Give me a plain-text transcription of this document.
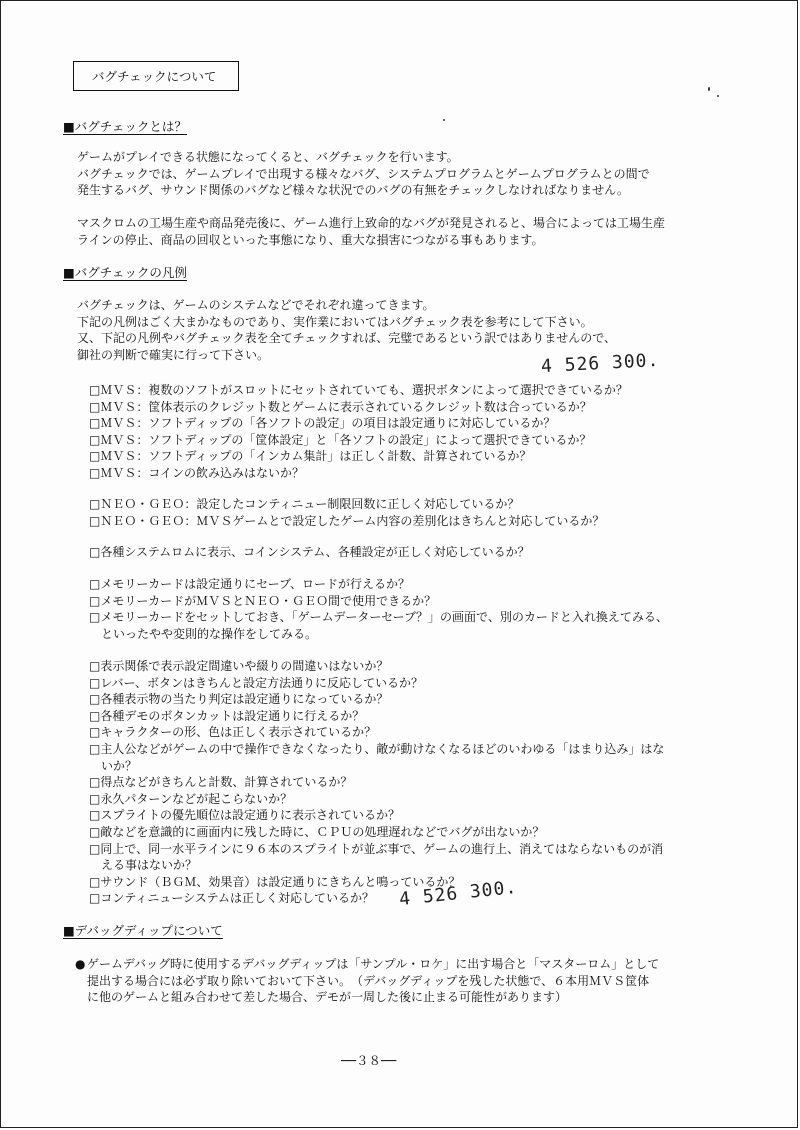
バグチェックについて
■バグチェックとは？
ゲームがプレイできる状態になってくると、バグチェックを行います。
バグチェックでは、ゲームプレイで出現する様々なバグ、システムプログラムとゲームプログラムとの間で
発生するバグ、サウンド関係のバグなど様々な状況でのバグの有無をチェックしなければなりません。
マスクロムの工場生産や商品発売後に、ゲーム進行上致命的なバグが発見されると、場合によっては工場生産
ラインの停止、商品の回収といった事態になり、重大な損害につながる事もあります。
■バグチェックの凡例
バグチェックは、ゲームのシステムなどでそれぞれ違ってきます。
下記の凡例はごく大まかなものであり、実作業においてはバグチェック表を参考にして下さい。
又、下記の凡例やバグチェック表を全てチェックすれば、完璧であるという訳ではありませんので、
御社の判断で確実に行って下さい。	4 526 300.
□ＭＶＳ：複数のソフトがスロットにセットされていても、選択ボタンによって選択できているか？
□ＭＶＳ：筐体表示のクレジット数とゲームに表示されているクレジット数は合っているか？
□ＭＶＳ：ソフトディップの「各ソフトの設定」の項目は設定通りに対応しているか？
□ＭＶＳ：ソフトディップの「筐体設定」と「各ソフトの設定」によって選択できているか？
□ＭＶＳ：ソフトディップの「インカム集計」は正しく計数、計算されているか？
□ＭＶＳ：コインの飲み込みはないか？
□ＮＥＯ・ＧＥＯ：設定したコンティニュー制限回数に正しく対応しているか？
□ＮＥＯ・ＧＥＯ：ＭＶＳゲームとで設定したゲーム内容の差別化はきちんと対応しているか？
□各種システムロムに表示、コインシステム、各種設定が正しく対応しているか？
□メモリーカードは設定通りにセーブ、ロードが行えるか？
□メモリーカードがＭＶＳとＮＥＯ・ＧＥＯ間で使用できるか？
□メモリーカードをセットしておき、「ゲームデーターセーブ？」の画面で、別のカードと入れ換えてみる、
といったやや変則的な操作をしてみる。
□表示関係で表示設定間違いや綴りの間違いはないか？
□レバー、ボタンはきちんと設定方法通りに反応しているか？
□各種表示物の当たり判定は設定通りになっているか？
□各種デモのボタンカットは設定通りに行えるか？
□キャラクターの形、色は正しく表示されているか？
□主人公などがゲームの中で操作できなくなったり、敵が動けなくなるほどのいわゆる「はまり込み」はな
いか？
□得点などがきちんと計数、計算されているか？
□永久パターンなどが起こらないか？
□スプライトの優先順位は設定通りに表示されているか？
□敵などを意識的に画面内に残した時に、ＣＰＵの処理遅れなどでバグが出ないか？
□同上で、同一水平ラインに９６本のスプライトが並ぶ事で、ゲームの進行上、消えてはならないものが消
える事はないか？
□サウンド（ＢＧＭ、効果音）は設定通りにきちんと鳴っているか？
□コンティニューシステムは正しく対応しているか？	4 526 300.
■デバッグディップについて
● ゲームデバッグ時に使用するデバッグディップは「サンプル・ロケ」に出す場合と「マスターロム」として
提出する場合には必ず取り除いておいて下さい。　（デバッグディップを残した状態で、６本用ＭＶＳ筐体
に他のゲームと組み合わせて差した場合、デモが一周した後に止まる可能性があります）
──３８──
